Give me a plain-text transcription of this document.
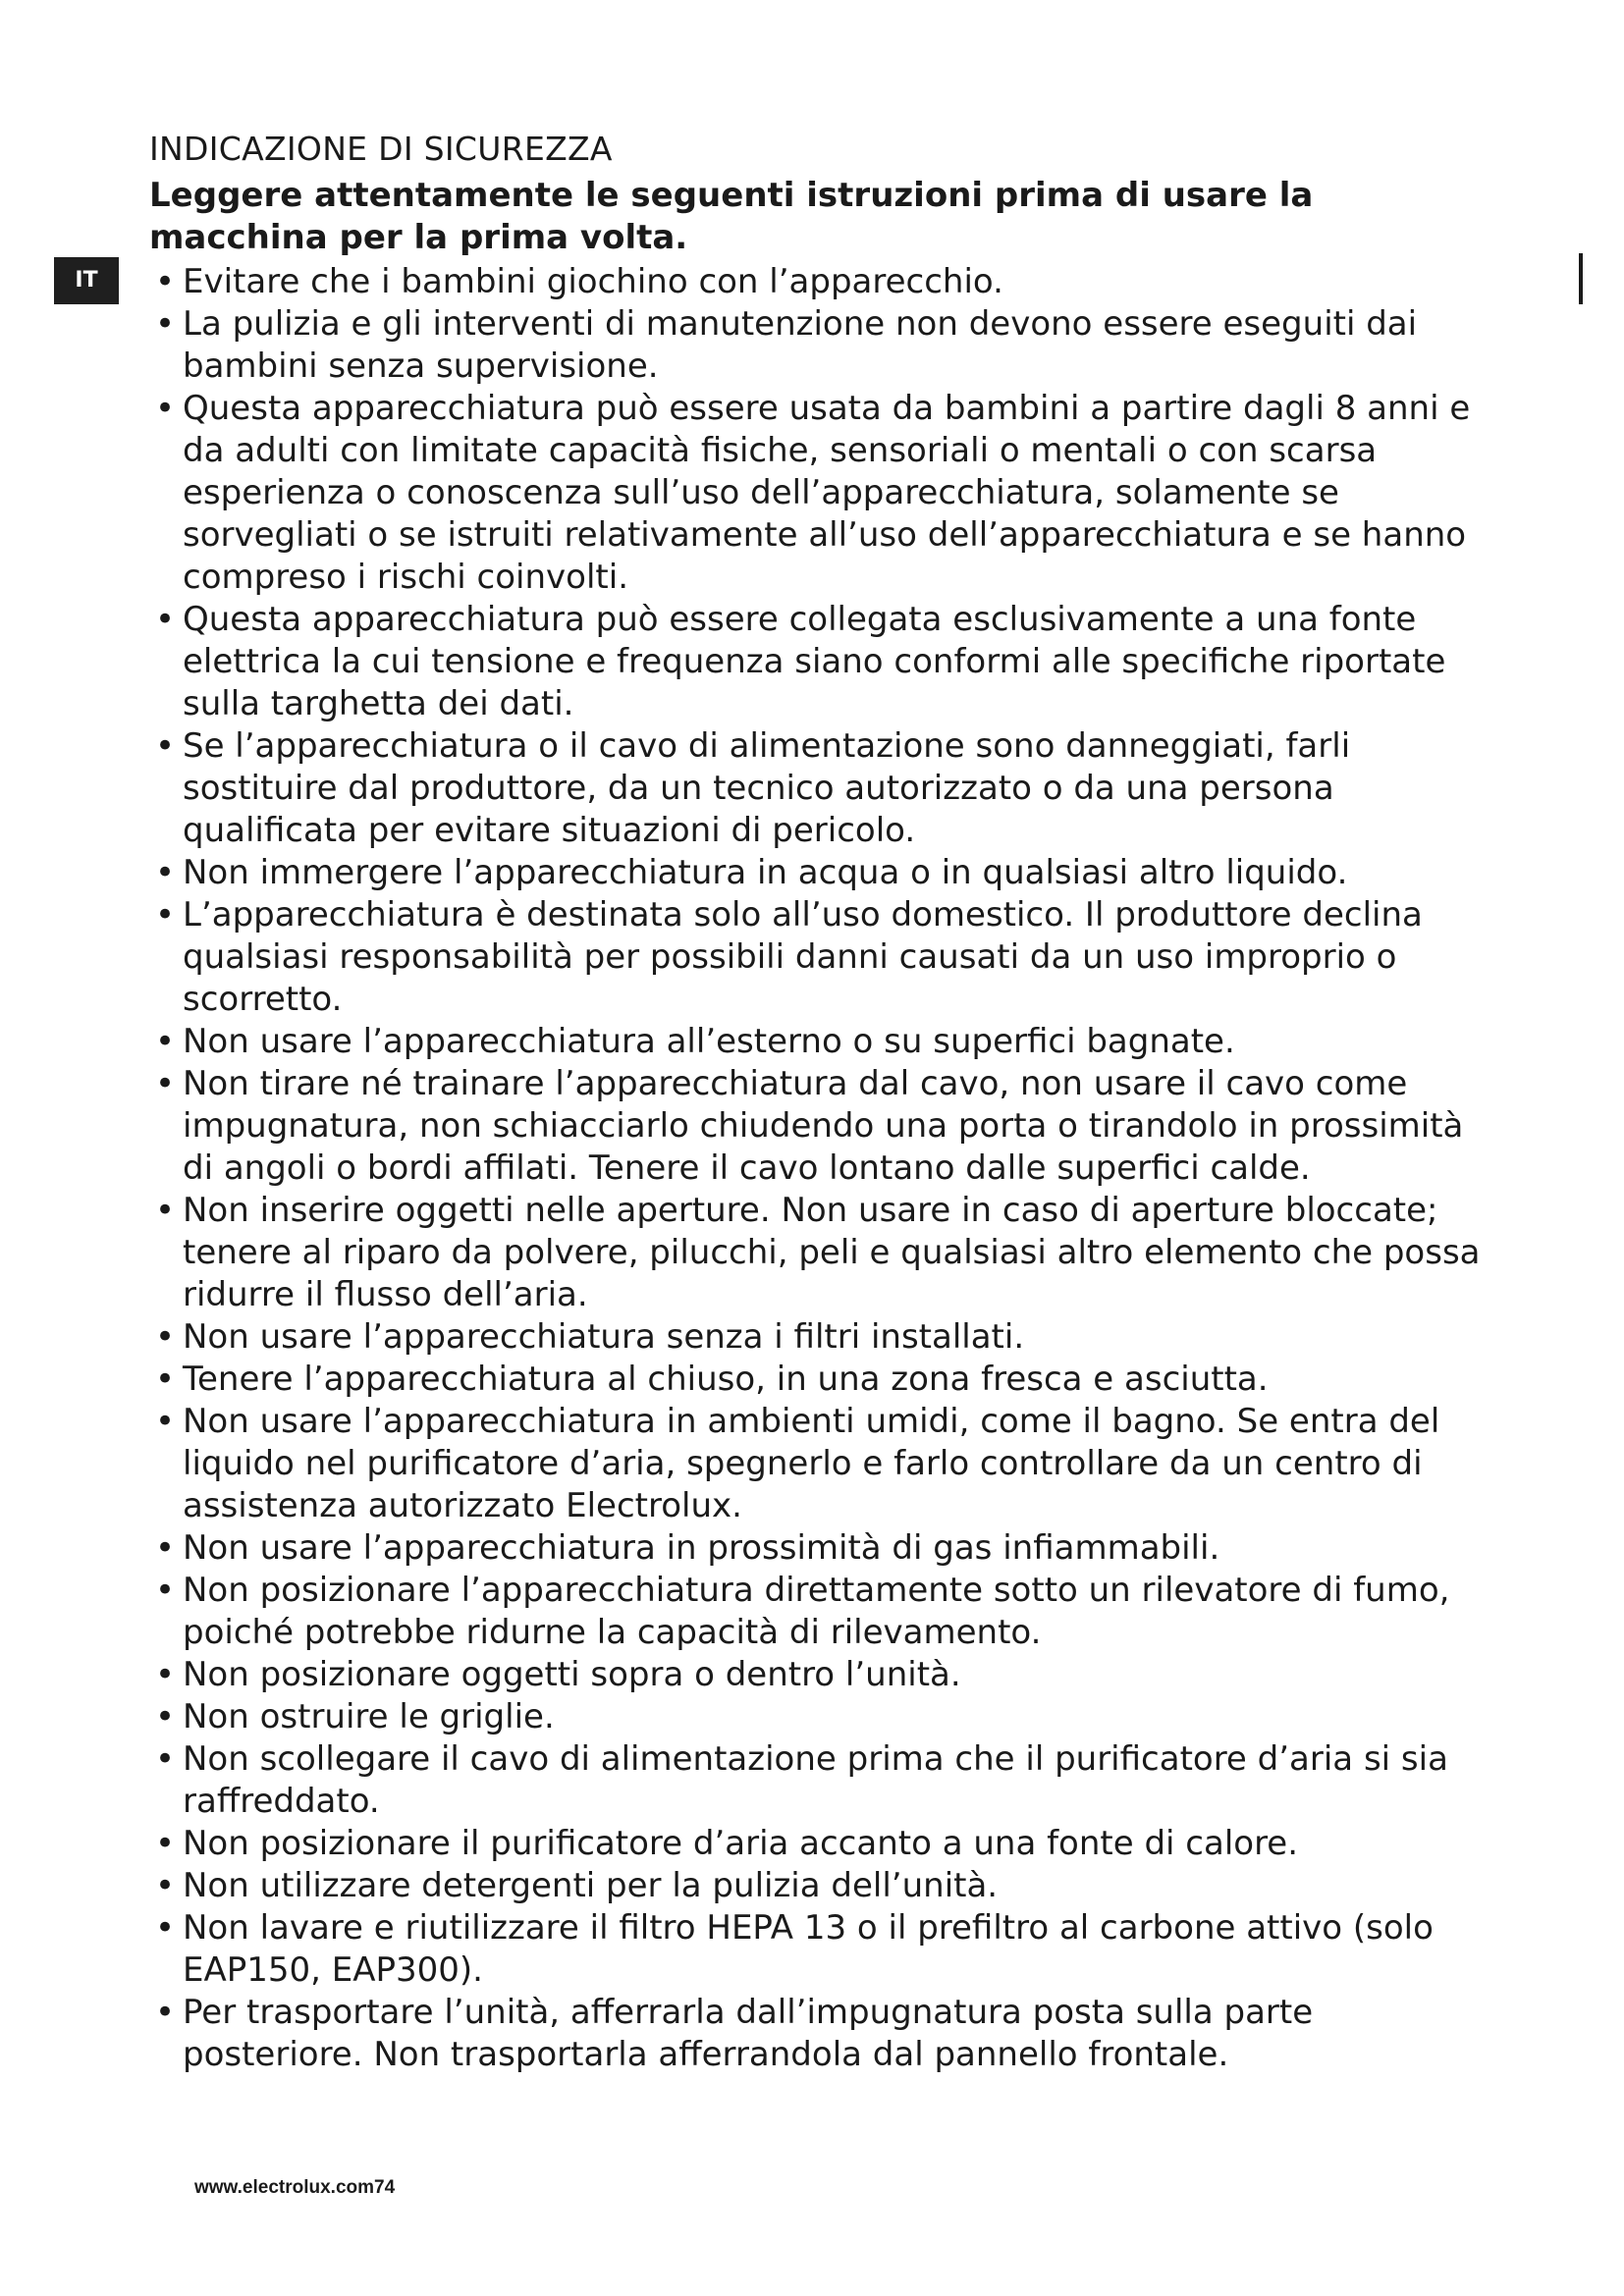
IT
INDICAZIONE DI SICUREZZA

Leggere attentamente le seguenti istruzioni prima di usare la macchina per la prima volta.

• Evitare che i bambini giochino con l’apparecchio.
• La pulizia e gli interventi di manutenzione non devono essere eseguiti dai bambini senza supervisione.
• Questa apparecchiatura può essere usata da bambini a partire dagli 8 anni e da adulti con limitate capacità fisiche, sensoriali o mentali o con scarsa esperienza o conoscenza sull’uso dell’apparecchiatura, solamente se sorvegliati o se istruiti relativamente all’uso dell’apparecchiatura e se hanno compreso i rischi coinvolti.
• Questa apparecchiatura può essere collegata esclusivamente a una fonte elettrica la cui tensione e frequenza siano conformi alle specifiche riportate sulla targhetta dei dati.
• Se l’apparecchiatura o il cavo di alimentazione sono danneggiati, farli sostituire dal produttore, da un tecnico autorizzato o da una persona qualificata per evitare situazioni di pericolo.
• Non immergere l’apparecchiatura in acqua o in qualsiasi altro liquido.
• L’apparecchiatura è destinata solo all’uso domestico. Il produttore declina qualsiasi responsabilità per possibili danni causati da un uso improprio o scorretto.
• Non usare l’apparecchiatura all’esterno o su superfici bagnate.
• Non tirare né trainare l’apparecchiatura dal cavo, non usare il cavo come impugnatura, non schiacciarlo chiudendo una porta o tirandolo in prossimità di angoli o bordi affilati. Tenere il cavo lontano dalle superfici calde.
• Non inserire oggetti nelle aperture. Non usare in caso di aperture bloccate; tenere al riparo da polvere, pilucchi, peli e qualsiasi altro elemento che possa ridurre il flusso dell’aria.
• Non usare l’apparecchiatura senza i filtri installati.
• Tenere l’apparecchiatura al chiuso, in una zona fresca e asciutta.
• Non usare l’apparecchiatura in ambienti umidi, come il bagno. Se entra del liquido nel purificatore d’aria, spegnerlo e farlo controllare da un centro di assistenza autorizzato Electrolux.
• Non usare l’apparecchiatura in prossimità di gas infiammabili.
• Non posizionare l’apparecchiatura direttamente sotto un rilevatore di fumo, poiché potrebbe ridurne la capacità di rilevamento.
• Non posizionare oggetti sopra o dentro l’unità.
• Non ostruire le griglie.
• Non scollegare il cavo di alimentazione prima che il purificatore d’aria si sia raffreddato.
• Non posizionare il purificatore d’aria accanto a una fonte di calore.
• Non utilizzare detergenti per la pulizia dell’unità.
• Non lavare e riutilizzare il filtro HEPA 13 o il prefiltro al carbone attivo (solo EAP150, EAP300).
• Per trasportare l’unità, afferrarla dall’impugnatura posta sulla parte posteriore. Non trasportarla afferrandola dal pannello frontale.
www.electrolux.com74
